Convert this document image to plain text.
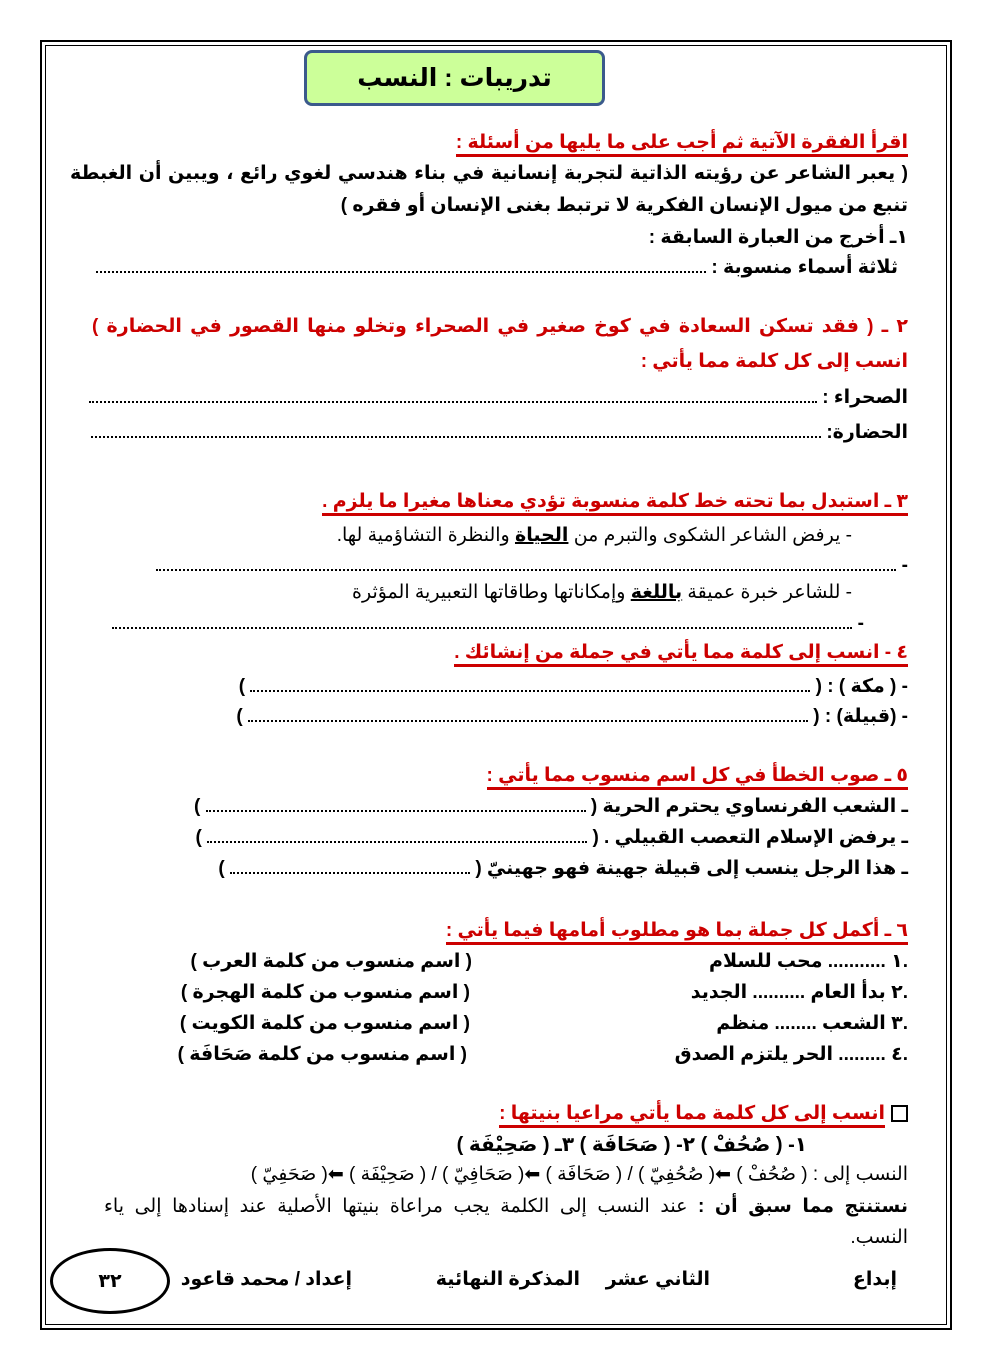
تدريبات : النسب
اقرأ الفقرة الآتية ثم أجب على ما يليها من أسئلة :
( يعبر الشاعر عن رؤيته الذاتية لتجربة إنسانية في بناء هندسي لغوي رائع ، ويبين أن الغبطة
تنبع من ميول الإنسان الفكرية لا ترتبط بغنى الإنسان أو فقره )
١ـ أخرج من العبارة السابقة :
ثلاثة أسماء منسوبة :
٢ ـ ( فقد تسكن السعادة في كوخ صغير في الصحراء وتخلو منها القصور في الحضارة )
انسب إلى كل كلمة مما يأتي :
الصحراء :
الحضارة:
٣ ـ استبدل بما تحته خط كلمة منسوبة تؤدي معناها مغيرا ما يلزم .
- يرفض الشاعر الشكوى والتبرم من الحياة والنظرة التشاؤمية لها.
-
- للشاعر خبرة عميقة باللغة وإمكاناتها وطاقاتها التعبيرية المؤثرة
-
٤ - انسب إلى كلمة مما يأتي في جملة من إنشائك .
- ( مكة ) : (  )
- (قبيلة) : (  )
٥ ـ صوب الخطأ في كل اسم منسوب مما يأتي :
ـ الشعب الفرنساوي يحترم الحرية (  )
ـ يرفض الإسلام التعصب القبيلي . (  )
ـ هذا الرجل ينسب إلى قبيلة جهينة فهو جهينيّ (  )
٦ ـ أكمل كل جملة بما هو مطلوب أمامها فيما يأتي :
.١ ........... محب للسلام
( اسم منسوب من كلمة العرب )
.٢ بدأ العام .......... الجديد
( اسم منسوب من كلمة الهجرة )
.٣ الشعب ........ منظم
( اسم منسوب من كلمة الكويت )
.٤ ......... الحر يلتزم الصدق
( اسم منسوب من كلمة صَحَافَة )
انسب إلى كل كلمة مما يأتي مراعيا بنيتها :
١- ( صُحُفْ ) ٢- ( صَحَافَة ) ٣ـ ( صَحِيْفَة )
النسب إلى : ( صُحُفْ ) ⬅( صُحُفِيّ ) / ( صَحَافَة ) ⬅( صَحَافِيّ ) / ( صَحِيْفَة ) ⬅( صَحَفِيّ )
نستنتج مما سبق أن : عند النسب إلى الكلمة يجب مراعاة بنيتها الأصلية عند إسنادها إلى ياء
النسب.
إبداع
الثاني عشر
المذكرة النهائية
إعداد / محمد قاعود
٣٢
